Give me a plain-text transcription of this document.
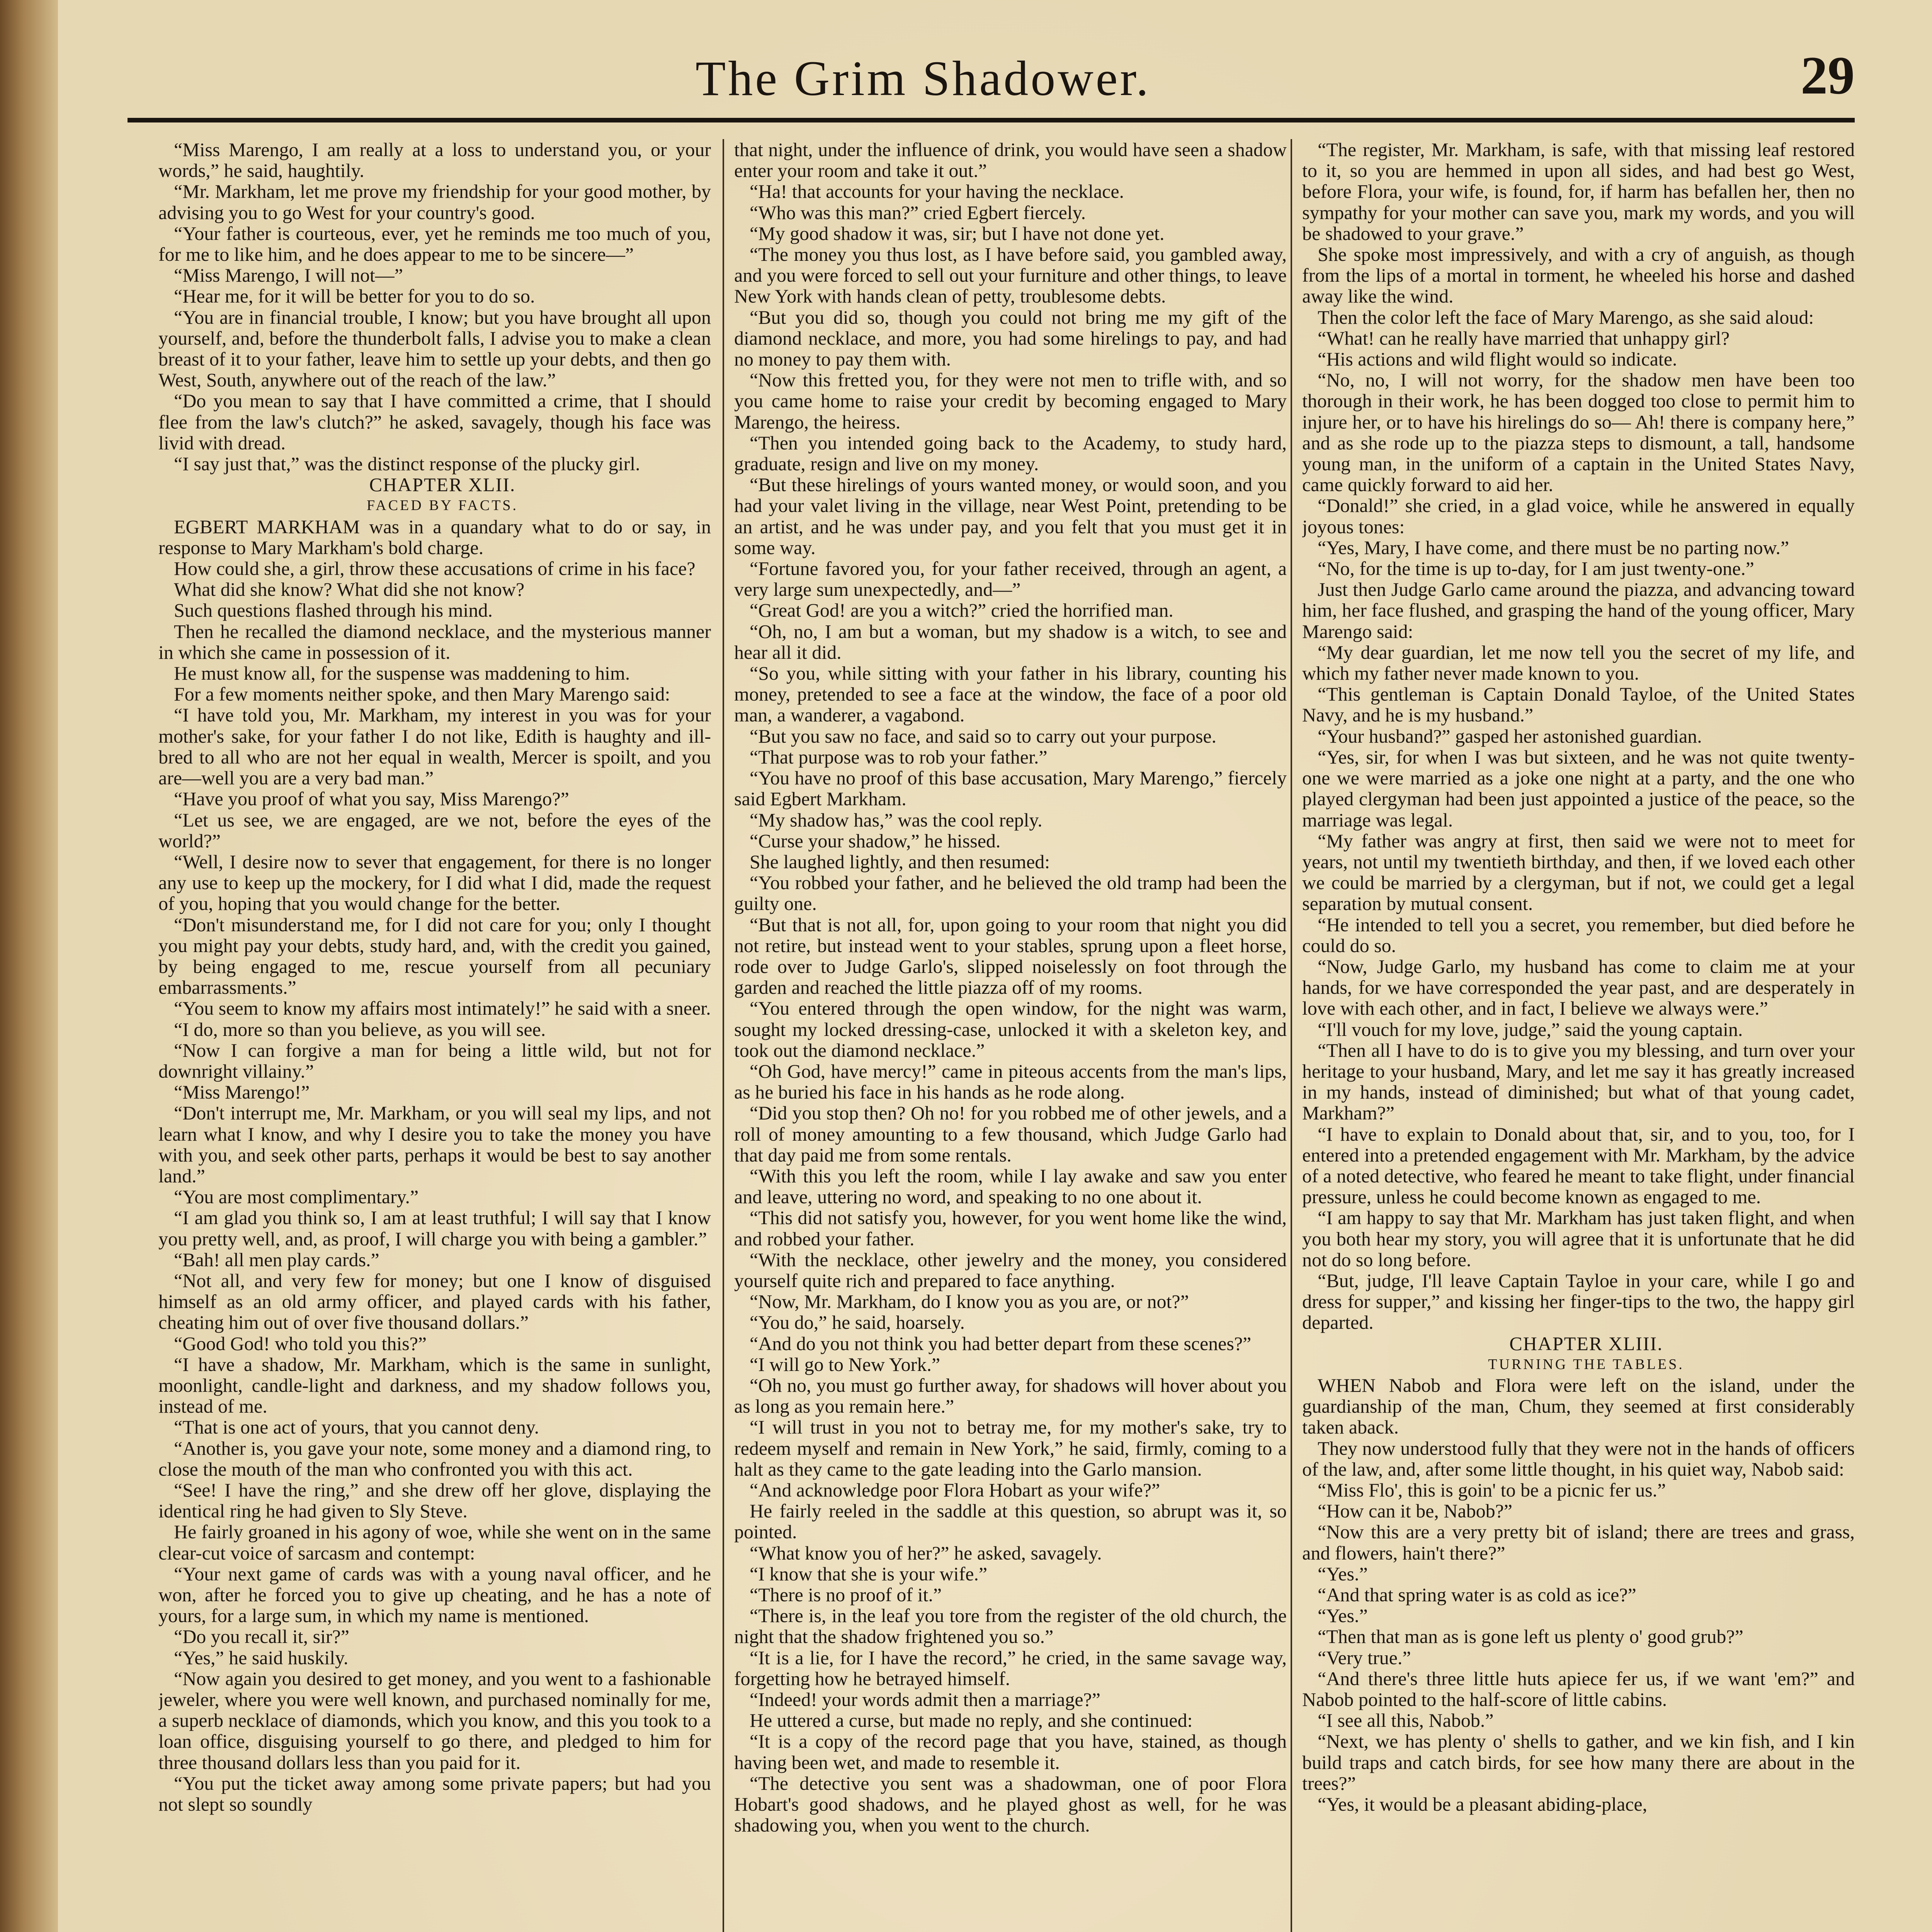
The Grim Shadower.	29

“Miss Marengo, I am really at a loss to understand you, or your words,” he said, haughtily.

“Mr. Markham, let me prove my friendship for your good mother, by advising you to go West for your country's good.

“Your father is courteous, ever, yet he reminds me too much of you, for me to like him, and he does appear to me to be sincere—”

“Miss Marengo, I will not—”

“Hear me, for it will be better for you to do so.

“You are in financial trouble, I know; but you have brought all upon yourself, and, before the thunderbolt falls, I advise you to make a clean breast of it to your father, leave him to settle up your debts, and then go West, South, anywhere out of the reach of the law.”

“Do you mean to say that I have committed a crime, that I should flee from the law's clutch?” he asked, savagely, though his face was livid with dread.

“I say just that,” was the distinct response of the plucky girl.

CHAPTER XLII.

FACED BY FACTS.

EGBERT MARKHAM was in a quandary what to do or say, in response to Mary Markham's bold charge.

How could she, a girl, throw these accusations of crime in his face?

What did she know? What did she not know?

Such questions flashed through his mind.

Then he recalled the diamond necklace, and the mysterious manner in which she came in possession of it.

He must know all, for the suspense was maddening to him.

For a few moments neither spoke, and then Mary Marengo said:

“I have told you, Mr. Markham, my interest in you was for your mother's sake, for your father I do not like, Edith is haughty and ill-bred to all who are not her equal in wealth, Mercer is spoilt, and you are—well you are a very bad man.”

“Have you proof of what you say, Miss Marengo?”

“Let us see, we are engaged, are we not, before the eyes of the world?”

“Well, I desire now to sever that engagement, for there is no longer any use to keep up the mockery, for I did what I did, made the request of you, hoping that you would change for the better.

“Don't misunderstand me, for I did not care for you; only I thought you might pay your debts, study hard, and, with the credit you gained, by being engaged to me, rescue yourself from all pecuniary embarrassments.”

“You seem to know my affairs most intimately!” he said with a sneer.

“I do, more so than you believe, as you will see.

“Now I can forgive a man for being a little wild, but not for downright villainy.”

“Miss Marengo!”

“Don't interrupt me, Mr. Markham, or you will seal my lips, and not learn what I know, and why I desire you to take the money you have with you, and seek other parts, perhaps it would be best to say another land.”

“You are most complimentary.”

“I am glad you think so, I am at least truthful; I will say that I know you pretty well, and, as proof, I will charge you with being a gambler.”

“Bah! all men play cards.”

“Not all, and very few for money; but one I know of disguised himself as an old army officer, and played cards with his father, cheating him out of over five thousand dollars.”

“Good God! who told you this?”

“I have a shadow, Mr. Markham, which is the same in sunlight, moonlight, candle-light and darkness, and my shadow follows you, instead of me.

“That is one act of yours, that you cannot deny.

“Another is, you gave your note, some money and a diamond ring, to close the mouth of the man who confronted you with this act.

“See! I have the ring,” and she drew off her glove, displaying the identical ring he had given to Sly Steve.

He fairly groaned in his agony of woe, while she went on in the same clear-cut voice of sarcasm and contempt:

“Your next game of cards was with a young naval officer, and he won, after he forced you to give up cheating, and he has a note of yours, for a large sum, in which my name is mentioned.

“Do you recall it, sir?”

“Yes,” he said huskily.

“Now again you desired to get money, and you went to a fashionable jeweler, where you were well known, and purchased nominally for me, a superb necklace of diamonds, which you know, and this you took to a loan office, disguising yourself to go there, and pledged to him for three thousand dollars less than you paid for it.

“You put the ticket away among some private papers; but had you not slept so soundly

that night, under the influence of drink, you would have seen a shadow enter your room and take it out.”

“Ha! that accounts for your having the necklace.

“Who was this man?” cried Egbert fiercely.

“My good shadow it was, sir; but I have not done yet.

“The money you thus lost, as I have before said, you gambled away, and you were forced to sell out your furniture and other things, to leave New York with hands clean of petty, troublesome debts.

“But you did so, though you could not bring me my gift of the diamond necklace, and more, you had some hirelings to pay, and had no money to pay them with.

“Now this fretted you, for they were not men to trifle with, and so you came home to raise your credit by becoming engaged to Mary Marengo, the heiress.

“Then you intended going back to the Academy, to study hard, graduate, resign and live on my money.

“But these hirelings of yours wanted money, or would soon, and you had your valet living in the village, near West Point, pretending to be an artist, and he was under pay, and you felt that you must get it in some way.

“Fortune favored you, for your father received, through an agent, a very large sum unexpectedly, and—”

“Great God! are you a witch?” cried the horrified man.

“Oh, no, I am but a woman, but my shadow is a witch, to see and hear all it did.

“So you, while sitting with your father in his library, counting his money, pretended to see a face at the window, the face of a poor old man, a wanderer, a vagabond.

“But you saw no face, and said so to carry out your purpose.

“That purpose was to rob your father.”

“You have no proof of this base accusation, Mary Marengo,” fiercely said Egbert Markham.

“My shadow has,” was the cool reply.

“Curse your shadow,” he hissed.

She laughed lightly, and then resumed:

“You robbed your father, and he believed the old tramp had been the guilty one.

“But that is not all, for, upon going to your room that night you did not retire, but instead went to your stables, sprung upon a fleet horse, rode over to Judge Garlo's, slipped noiselessly on foot through the garden and reached the little piazza off of my rooms.

“You entered through the open window, for the night was warm, sought my locked dressing-case, unlocked it with a skeleton key, and took out the diamond necklace.”

“Oh God, have mercy!” came in piteous accents from the man's lips, as he buried his face in his hands as he rode along.

“Did you stop then? Oh no! for you robbed me of other jewels, and a roll of money amounting to a few thousand, which Judge Garlo had that day paid me from some rentals.

“With this you left the room, while I lay awake and saw you enter and leave, uttering no word, and speaking to no one about it.

“This did not satisfy you, however, for you went home like the wind, and robbed your father.

“With the necklace, other jewelry and the money, you considered yourself quite rich and prepared to face anything.

“Now, Mr. Markham, do I know you as you are, or not?”

“You do,” he said, hoarsely.

“And do you not think you had better depart from these scenes?”

“I will go to New York.”

“Oh no, you must go further away, for shadows will hover about you as long as you remain here.”

“I will trust in you not to betray me, for my mother's sake, try to redeem myself and remain in New York,” he said, firmly, coming to a halt as they came to the gate leading into the Garlo mansion.

“And acknowledge poor Flora Hobart as your wife?”

He fairly reeled in the saddle at this question, so abrupt was it, so pointed.

“What know you of her?” he asked, savagely.

“I know that she is your wife.”

“There is no proof of it.”

“There is, in the leaf you tore from the register of the old church, the night that the shadow frightened you so.”

“It is a lie, for I have the record,” he cried, in the same savage way, forgetting how he betrayed himself.

“Indeed! your words admit then a marriage?”

He uttered a curse, but made no reply, and she continued:

“It is a copy of the record page that you have, stained, as though having been wet, and made to resemble it.

“The detective you sent was a shadowman, one of poor Flora Hobart's good shadows, and he played ghost as well, for he was shadowing you, when you went to the church.

“The register, Mr. Markham, is safe, with that missing leaf restored to it, so you are hemmed in upon all sides, and had best go West, before Flora, your wife, is found, for, if harm has befallen her, then no sympathy for your mother can save you, mark my words, and you will be shadowed to your grave.”

She spoke most impressively, and with a cry of anguish, as though from the lips of a mortal in torment, he wheeled his horse and dashed away like the wind.

Then the color left the face of Mary Marengo, as she said aloud:

“What! can he really have married that unhappy girl?

“His actions and wild flight would so indicate.

“No, no, I will not worry, for the shadow men have been too thorough in their work, he has been dogged too close to permit him to injure her, or to have his hirelings do so— Ah! there is company here,” and as she rode up to the piazza steps to dismount, a tall, handsome young man, in the uniform of a captain in the United States Navy, came quickly forward to aid her.

“Donald!” she cried, in a glad voice, while he answered in equally joyous tones:

“Yes, Mary, I have come, and there must be no parting now.”

“No, for the time is up to-day, for I am just twenty-one.”

Just then Judge Garlo came around the piazza, and advancing toward him, her face flushed, and grasping the hand of the young officer, Mary Marengo said:

“My dear guardian, let me now tell you the secret of my life, and which my father never made known to you.

“This gentleman is Captain Donald Tayloe, of the United States Navy, and he is my husband.”

“Your husband?” gasped her astonished guardian.

“Yes, sir, for when I was but sixteen, and he was not quite twenty-one we were married as a joke one night at a party, and the one who played clergyman had been just appointed a justice of the peace, so the marriage was legal.

“My father was angry at first, then said we were not to meet for years, not until my twentieth birthday, and then, if we loved each other we could be married by a clergyman, but if not, we could get a legal separation by mutual consent.

“He intended to tell you a secret, you remember, but died before he could do so.

“Now, Judge Garlo, my husband has come to claim me at your hands, for we have corresponded the year past, and are desperately in love with each other, and in fact, I believe we always were.”

“I'll vouch for my love, judge,” said the young captain.

“Then all I have to do is to give you my blessing, and turn over your heritage to your husband, Mary, and let me say it has greatly increased in my hands, instead of diminished; but what of that young cadet, Markham?”

“I have to explain to Donald about that, sir, and to you, too, for I entered into a pretended engagement with Mr. Markham, by the advice of a noted detective, who feared he meant to take flight, under financial pressure, unless he could become known as engaged to me.

“I am happy to say that Mr. Markham has just taken flight, and when you both hear my story, you will agree that it is unfortunate that he did not do so long before.

“But, judge, I'll leave Captain Tayloe in your care, while I go and dress for supper,” and kissing her finger-tips to the two, the happy girl departed.

CHAPTER XLIII.

TURNING THE TABLES.

WHEN Nabob and Flora were left on the island, under the guardianship of the man, Chum, they seemed at first considerably taken aback.

They now understood fully that they were not in the hands of officers of the law, and, after some little thought, in his quiet way, Nabob said:

“Miss Flo', this is goin' to be a picnic fer us.”

“How can it be, Nabob?”

“Now this are a very pretty bit of island; there are trees and grass, and flowers, hain't there?”

“Yes.”

“And that spring water is as cold as ice?”

“Yes.”

“Then that man as is gone left us plenty o' good grub?”

“Very true.”

“And there's three little huts apiece fer us, if we want 'em?” and Nabob pointed to the half-score of little cabins.

“I see all this, Nabob.”

“Next, we has plenty o' shells to gather, and we kin fish, and I kin build traps and catch birds, for see how many there are about in the trees?”

“Yes, it would be a pleasant abiding-place,
